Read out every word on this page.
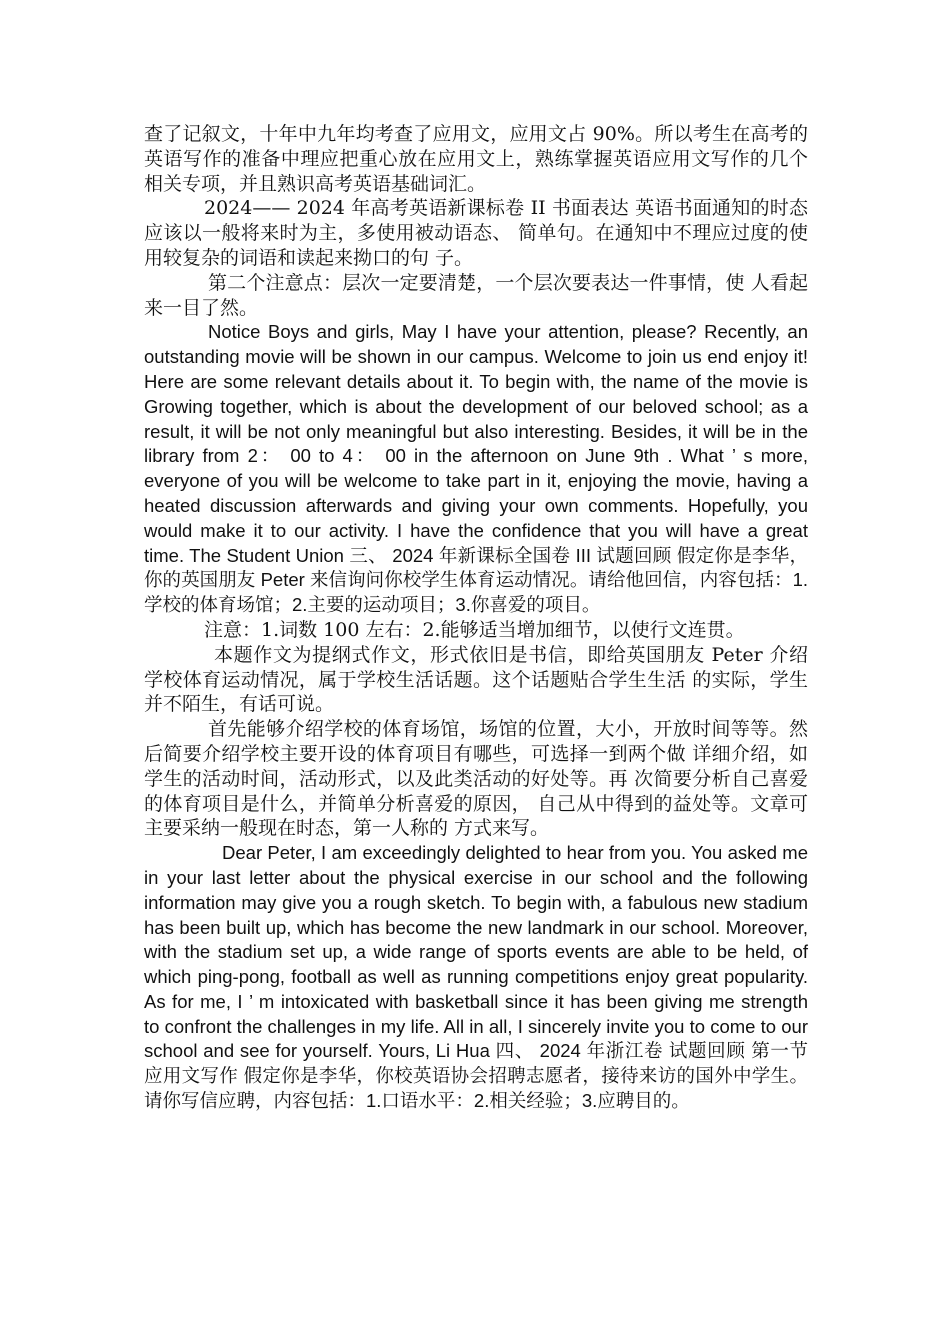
查了记叙文，十年中九年均考查了应用文，应用文占 90%。所以考生在高考的英语写作的准备中理应把重心放在应用文上，熟练掌握英语应用文写作的几个相关专项，并且熟识高考英语基础词汇。

2024—— 2024 年高考英语新课标卷 II 书面表达 英语书面通知的时态应该以一般将来时为主，多使用被动语态、 简单句。在通知中不理应过度的使用较复杂的词语和读起来拗口的句 子。

第二个注意点：层次一定要清楚，一个层次要表达一件事情，使 人看起来一目了然。

Notice Boys and girls, May I have your attention, please? Recently, an outstanding movie will be shown in our campus. Welcome to join us end enjoy it! Here are some relevant details about it. To begin with, the name of the movie is Growing together, which is about the development of our beloved school; as a result, it will be not only meaningful but also interesting. Besides, it will be in the library from 2： 00 to 4： 00 in the afternoon on June 9th . What ’ s more, everyone of you will be welcome to take part in it, enjoying the movie, having a heated discussion afterwards and giving your own comments. Hopefully, you would make it to our activity. I have the confidence that you will have a great time. The Student Union 三、 2024 年新课标全国卷 III 试题回顾 假定你是李华，你的英国朋友 Peter 来信询问你校学生体育运动情况。请给他回信，内容包括：1.学校的体育场馆；2.主要的运动项目；3.你喜爱的项目。

注意：1.词数 100 左右：2.能够适当增加细节，以使行文连贯。

本题作文为提纲式作文，形式依旧是书信，即给英国朋友 Peter 介绍学校体育运动情况，属于学校生活话题。这个话题贴合学生生活 的实际，学生并不陌生，有话可说。

首先能够介绍学校的体育场馆，场馆的位置，大小，开放时间等等。然后简要介绍学校主要开设的体育项目有哪些，可选择一到两个做 详细介绍，如学生的活动时间，活动形式，以及此类活动的好处等。再 次简要分析自己喜爱的体育项目是什么，并简单分析喜爱的原因， 自己从中得到的益处等。文章可主要采纳一般现在时态，第一人称的 方式来写。

Dear Peter, I am exceedingly delighted to hear from you. You asked me in your last letter about the physical exercise in our school and the following information may give you a rough sketch. To begin with, a fabulous new stadium has been built up, which has become the new landmark in our school. Moreover, with the stadium set up, a wide range of sports events are able to be held, of which ping-pong, football as well as running competitions enjoy great popularity. As for me, I ’ m intoxicated with basketball since it has been giving me strength to confront the challenges in my life. All in all, I sincerely invite you to come to our school and see for yourself. Yours, Li Hua 四、 2024 年浙江卷 试题回顾 第一节应用文写作 假定你是李华，你校英语协会招聘志愿者，接待来访的国外中学生。请你写信应聘，内容包括：1.口语水平：2.相关经验；3.应聘目的。
